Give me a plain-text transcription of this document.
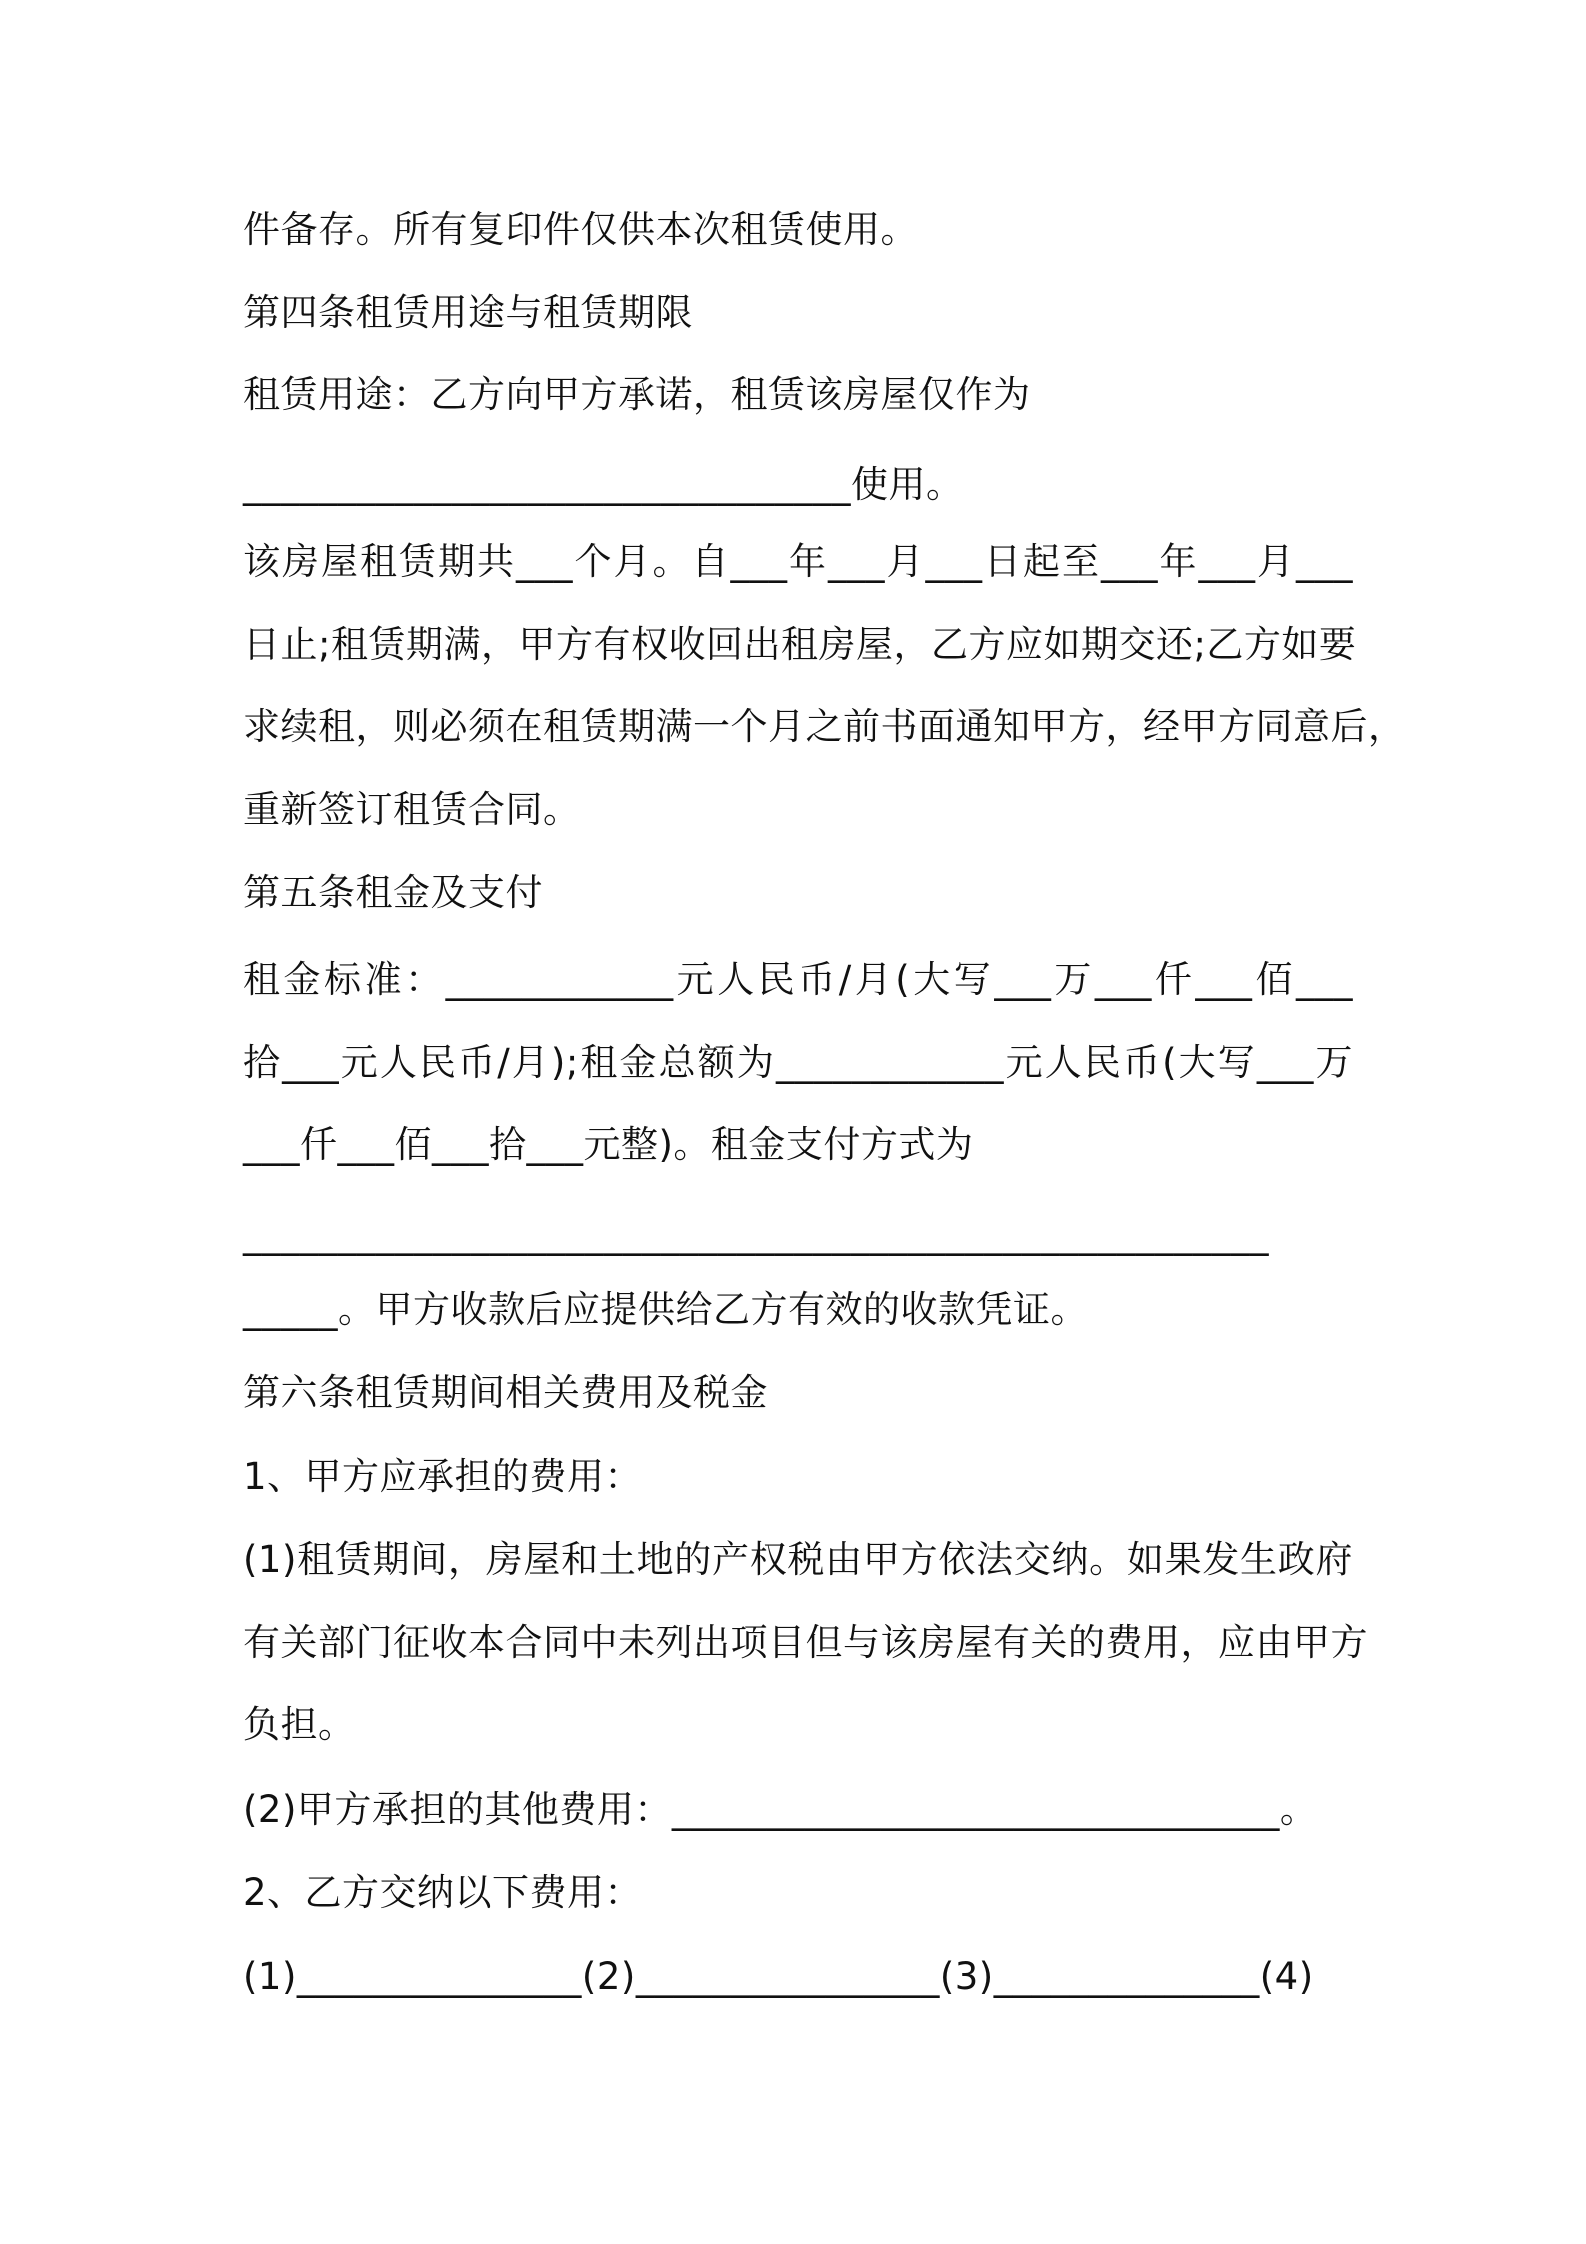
件备存。所有复印件仅供本次租赁使用。
第四条租赁用途与租赁期限
租赁用途：乙方向甲方承诺，租赁该房屋仅作为
________________________________使用。
该房屋租赁期共___个月。自___年___月___日起至___年___月___
日止;租赁期满，甲方有权收回出租房屋，乙方应如期交还;乙方如要
求续租，则必须在租赁期满一个月之前书面通知甲方，经甲方同意后，
重新签订租赁合同。
第五条租金及支付
租金标准：____________元人民币/月(大写___万___仟___佰___
拾___元人民币/月);租金总额为____________元人民币(大写___万
___仟___佰___拾___元整)。租金支付方式为
______________________________________________________
_____。甲方收款后应提供给乙方有效的收款凭证。
第六条租赁期间相关费用及税金
1、甲方应承担的费用：
(1)租赁期间，房屋和土地的产权税由甲方依法交纳。如果发生政府
有关部门征收本合同中未列出项目但与该房屋有关的费用，应由甲方
负担。
(2)甲方承担的其他费用：________________________________。
2、乙方交纳以下费用：
(1)_______________(2)________________(3)______________(4)
